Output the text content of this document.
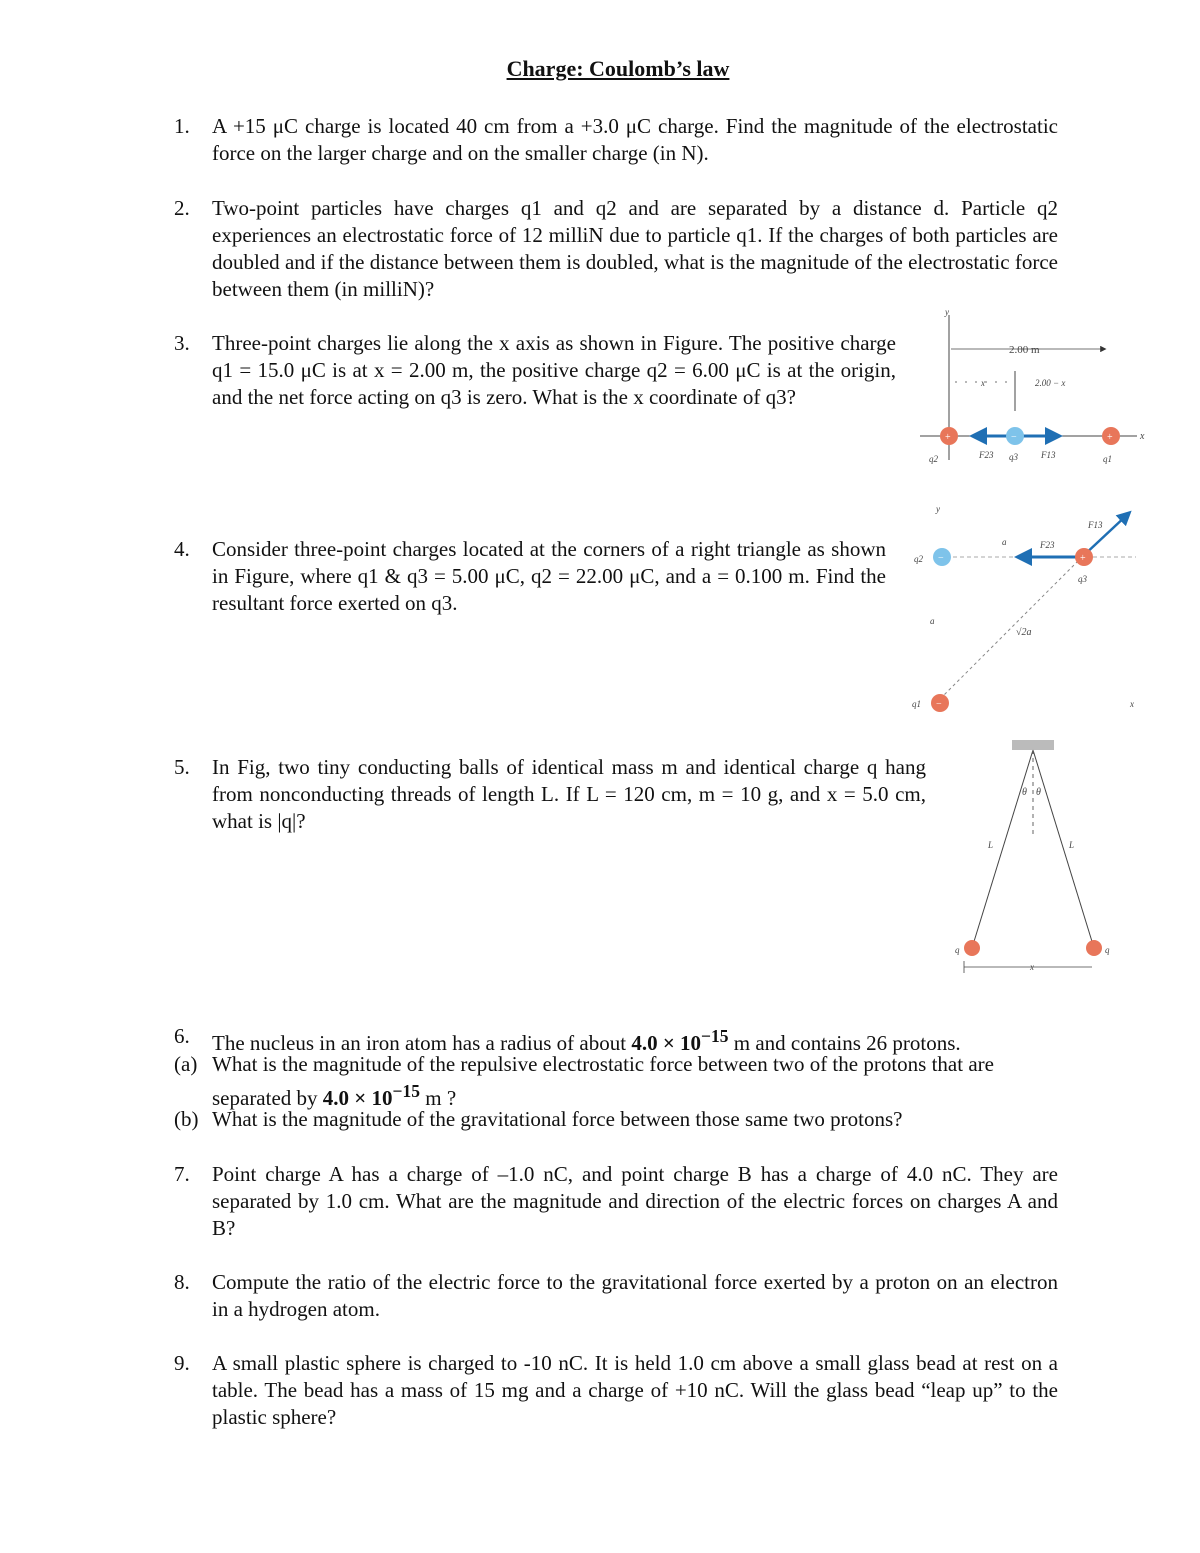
Charge: Coulomb’s law
1. A +15 μC charge is located 40 cm from a +3.0 μC charge. Find the magnitude of the electrostatic force on the larger charge and on the smaller charge (in N).

2. Two-point particles have charges q1 and q2 and are separated by a distance d. Particle q2 experiences an electrostatic force of 12 milliN due to particle q1. If the charges of both particles are doubled and if the distance between them is doubled, what is the magnitude of the electrostatic force between them (in milliN)?

3. Three-point charges lie along the x axis as shown in Figure. The positive charge q1 = 15.0 μC is at x = 2.00 m, the positive charge q2 = 6.00 μC is at the origin, and the net force acting on q3 is zero. What is the x coordinate of q3?

4. Consider three-point charges located at the corners of a right triangle as shown in Figure, where q1 & q3 = 5.00 μC, q2 = 22.00 μC, and a = 0.100 m. Find the resultant force exerted on q3.

5. In Fig, two tiny conducting balls of identical mass m and identical charge q hang from nonconducting threads of length L. If L = 120 cm, m = 10 g, and x = 5.0 cm, what is |q|?

6. The nucleus in an iron atom has a radius of about $4.0 \times 10^{-15}$ m and contains 26 protons.

(a) What is the magnitude of the repulsive electrostatic force between two of the protons that are separated by $4.0 \times 10^{-15}$ m ?

(b) What is the magnitude of the gravitational force between those same two protons?

7. Point charge A has a charge of –1.0 nC, and point charge B has a charge of 4.0 nC. They are separated by 1.0 cm. What are the magnitude and direction of the electric forces on charges A and B?

8. Compute the ratio of the electric force to the gravitational force exerted by a proton on an electron in a hydrogen atom.

9. A small plastic sphere is charged to -10 nC. It is held 1.0 cm above a small glass bead at rest on a table. The bead has a mass of 15 mg and a charge of +10 nC. Will the glass bead “leap up” to the plastic sphere?

y
x
2.00 m
x	2.00 − x
+	−	+
q2	F23 q3	F13	q1
y
a
a
√2a
F23
F13
−
q2	+
q3
−
q1	x
θ θ
L	L
q	q
x
